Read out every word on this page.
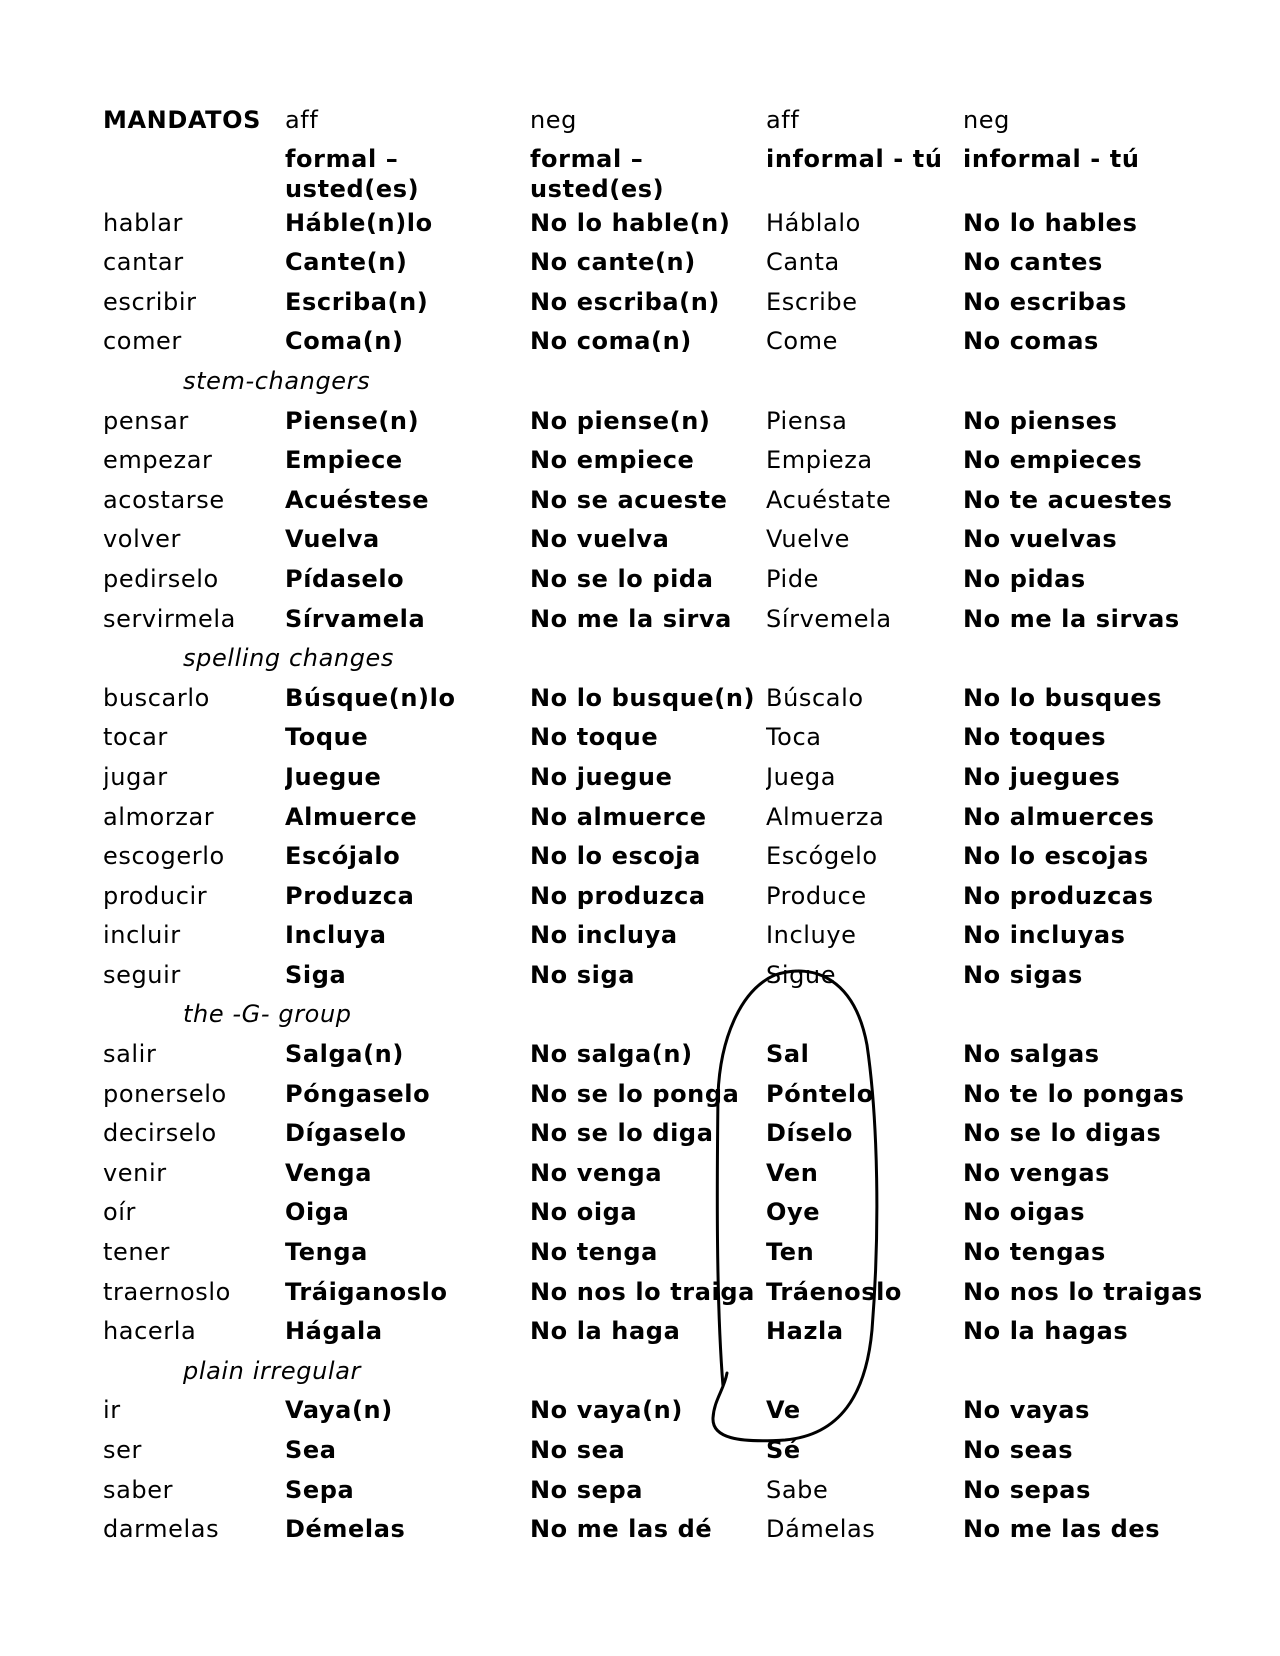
MANDATOS	aff	neg	aff	neg
	formal – usted(es)	formal – usted(es)	informal - tú	informal - tú
hablar	Háble(n)lo	No lo hable(n)	Háblalo	No lo hables
cantar	Cante(n)	No cante(n)	Canta	No cantes
escribir	Escriba(n)	No escriba(n)	Escribe	No escribas
comer	Coma(n)	No coma(n)	Come	No comas
stem-changers				
pensar	Piense(n)	No piense(n)	Piensa	No pienses
empezar	Empiece	No empiece	Empieza	No empieces
acostarse	Acuéstese	No se acueste	Acuéstate	No te acuestes
volver	Vuelva	No vuelva	Vuelve	No vuelvas
pedirselo	Pídaselo	No se lo pida	Pide	No pidas
servirmela	Sírvamela	No me la sirva	Sírvemela	No me la sirvas
spelling changes				
buscarlo	Búsque(n)lo	No lo busque(n)	Búscalo	No lo busques
tocar	Toque	No toque	Toca	No toques
jugar	Juegue	No juegue	Juega	No juegues
almorzar	Almuerce	No almuerce	Almuerza	No almuerces
escogerlo	Escójalo	No lo escoja	Escógelo	No lo escojas
producir	Produzca	No produzca	Produce	No produzcas
incluir	Incluya	No incluya	Incluye	No incluyas
seguir	Siga	No siga	Sigue	No sigas
the -G- group				
salir	Salga(n)	No salga(n)	Sal	No salgas
ponerselo	Póngaselo	No se lo ponga	Póntelo	No te lo pongas
decirselo	Dígaselo	No se lo diga	Díselo	No se lo digas
venir	Venga	No venga	Ven	No vengas
oír	Oiga	No oiga	Oye	No oigas
tener	Tenga	No tenga	Ten	No tengas
traernoslo	Tráiganoslo	No nos lo traiga	Tráenoslo	No nos lo traigas
hacerla	Hágala	No la haga	Hazla	No la hagas
plain irregular				
ir	Vaya(n)	No vaya(n)	Ve	No vayas
ser	Sea	No sea	Sé	No seas
saber	Sepa	No sepa	Sabe	No sepas
darmelas	Démelas	No me las dé	Dámelas	No me las des
